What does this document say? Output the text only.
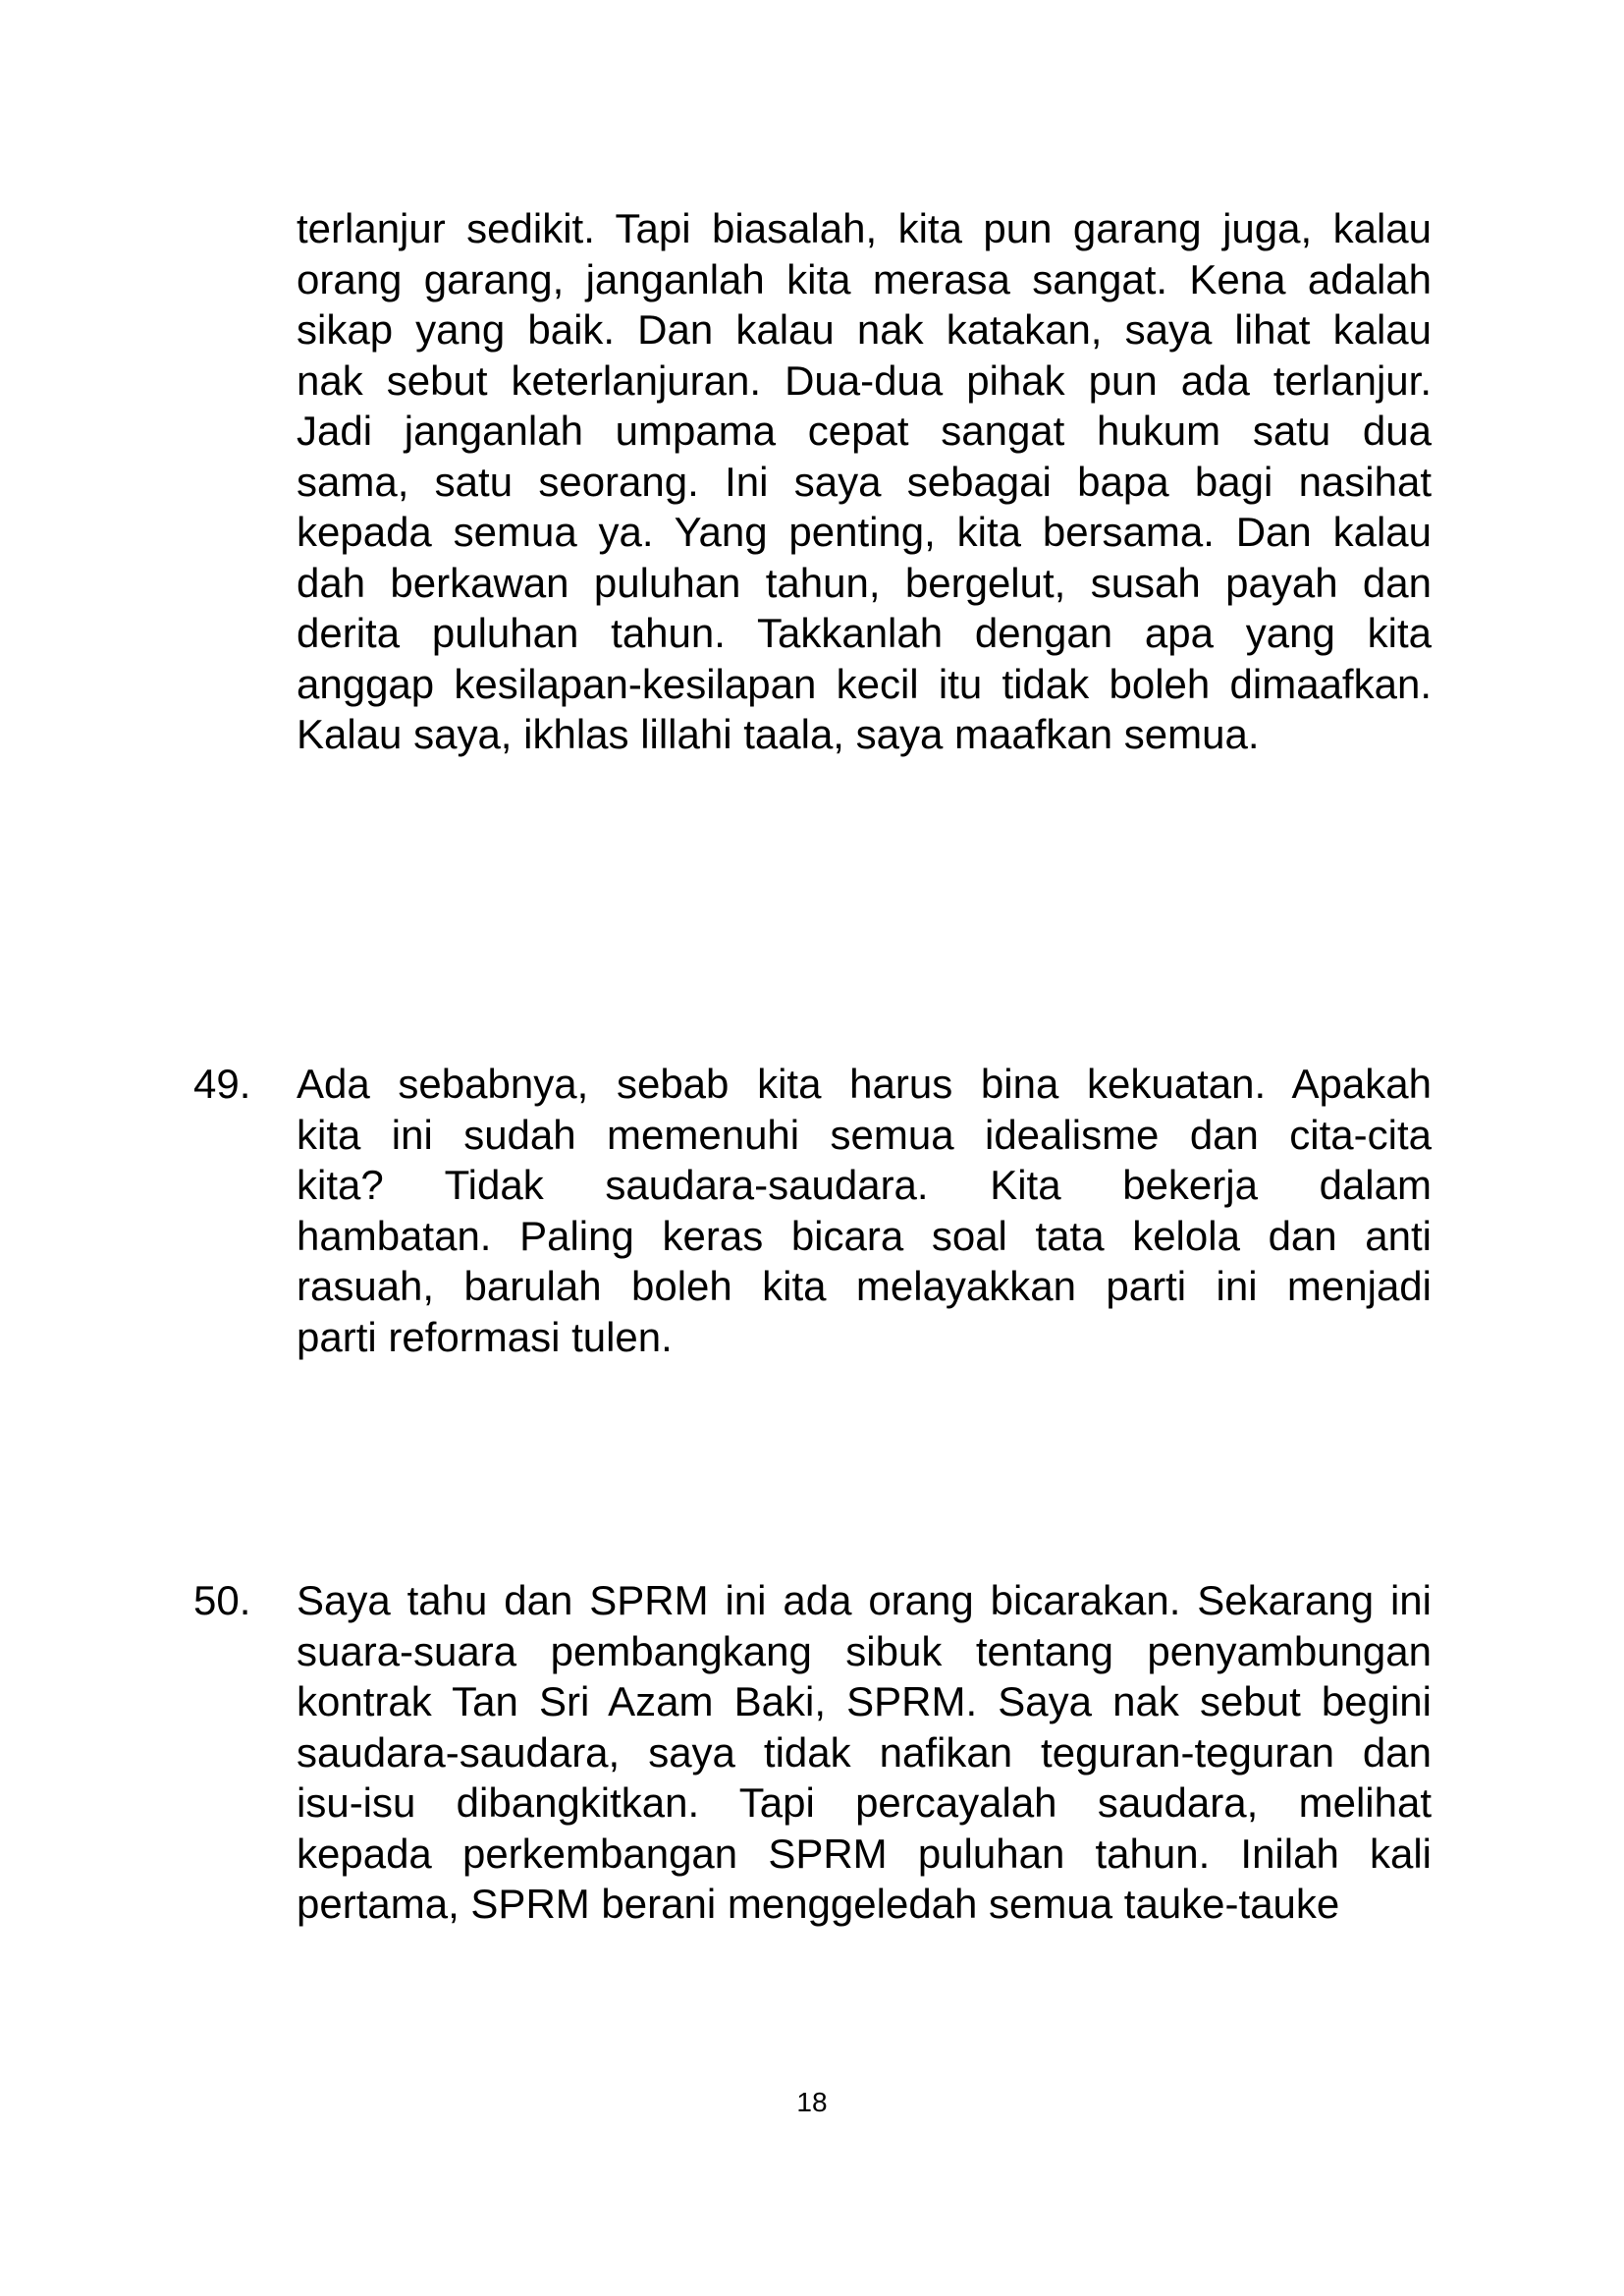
terlanjur sedikit. Tapi biasalah, kita pun garang juga, kalau

orang garang, janganlah kita merasa sangat. Kena adalah

sikap yang baik. Dan kalau nak katakan, saya lihat kalau

nak sebut keterlanjuran. Dua-dua pihak pun ada terlanjur.

Jadi janganlah umpama cepat sangat hukum satu dua

sama, satu seorang. Ini saya sebagai bapa bagi nasihat

kepada semua ya. Yang penting, kita bersama. Dan kalau

dah berkawan puluhan tahun, bergelut, susah payah dan

derita puluhan tahun. Takkanlah dengan apa yang kita

anggap kesilapan-kesilapan kecil itu tidak boleh dimaafkan.

Kalau saya, ikhlas lillahi taala, saya maafkan semua.

49. Ada sebabnya, sebab kita harus bina kekuatan. Apakah

kita ini sudah memenuhi semua idealisme dan cita-cita

kita? Tidak saudara-saudara. Kita bekerja dalam

hambatan. Paling keras bicara soal tata kelola dan anti

rasuah, barulah boleh kita melayakkan parti ini menjadi

parti reformasi tulen.

50. Saya tahu dan SPRM ini ada orang bicarakan. Sekarang ini

suara-suara pembangkang sibuk tentang penyambungan

kontrak Tan Sri Azam Baki, SPRM. Saya nak sebut begini

saudara-saudara, saya tidak nafikan teguran-teguran dan

isu-isu dibangkitkan. Tapi percayalah saudara, melihat

kepada perkembangan SPRM puluhan tahun. Inilah kali

pertama, SPRM berani menggeledah semua tauke-tauke

18
